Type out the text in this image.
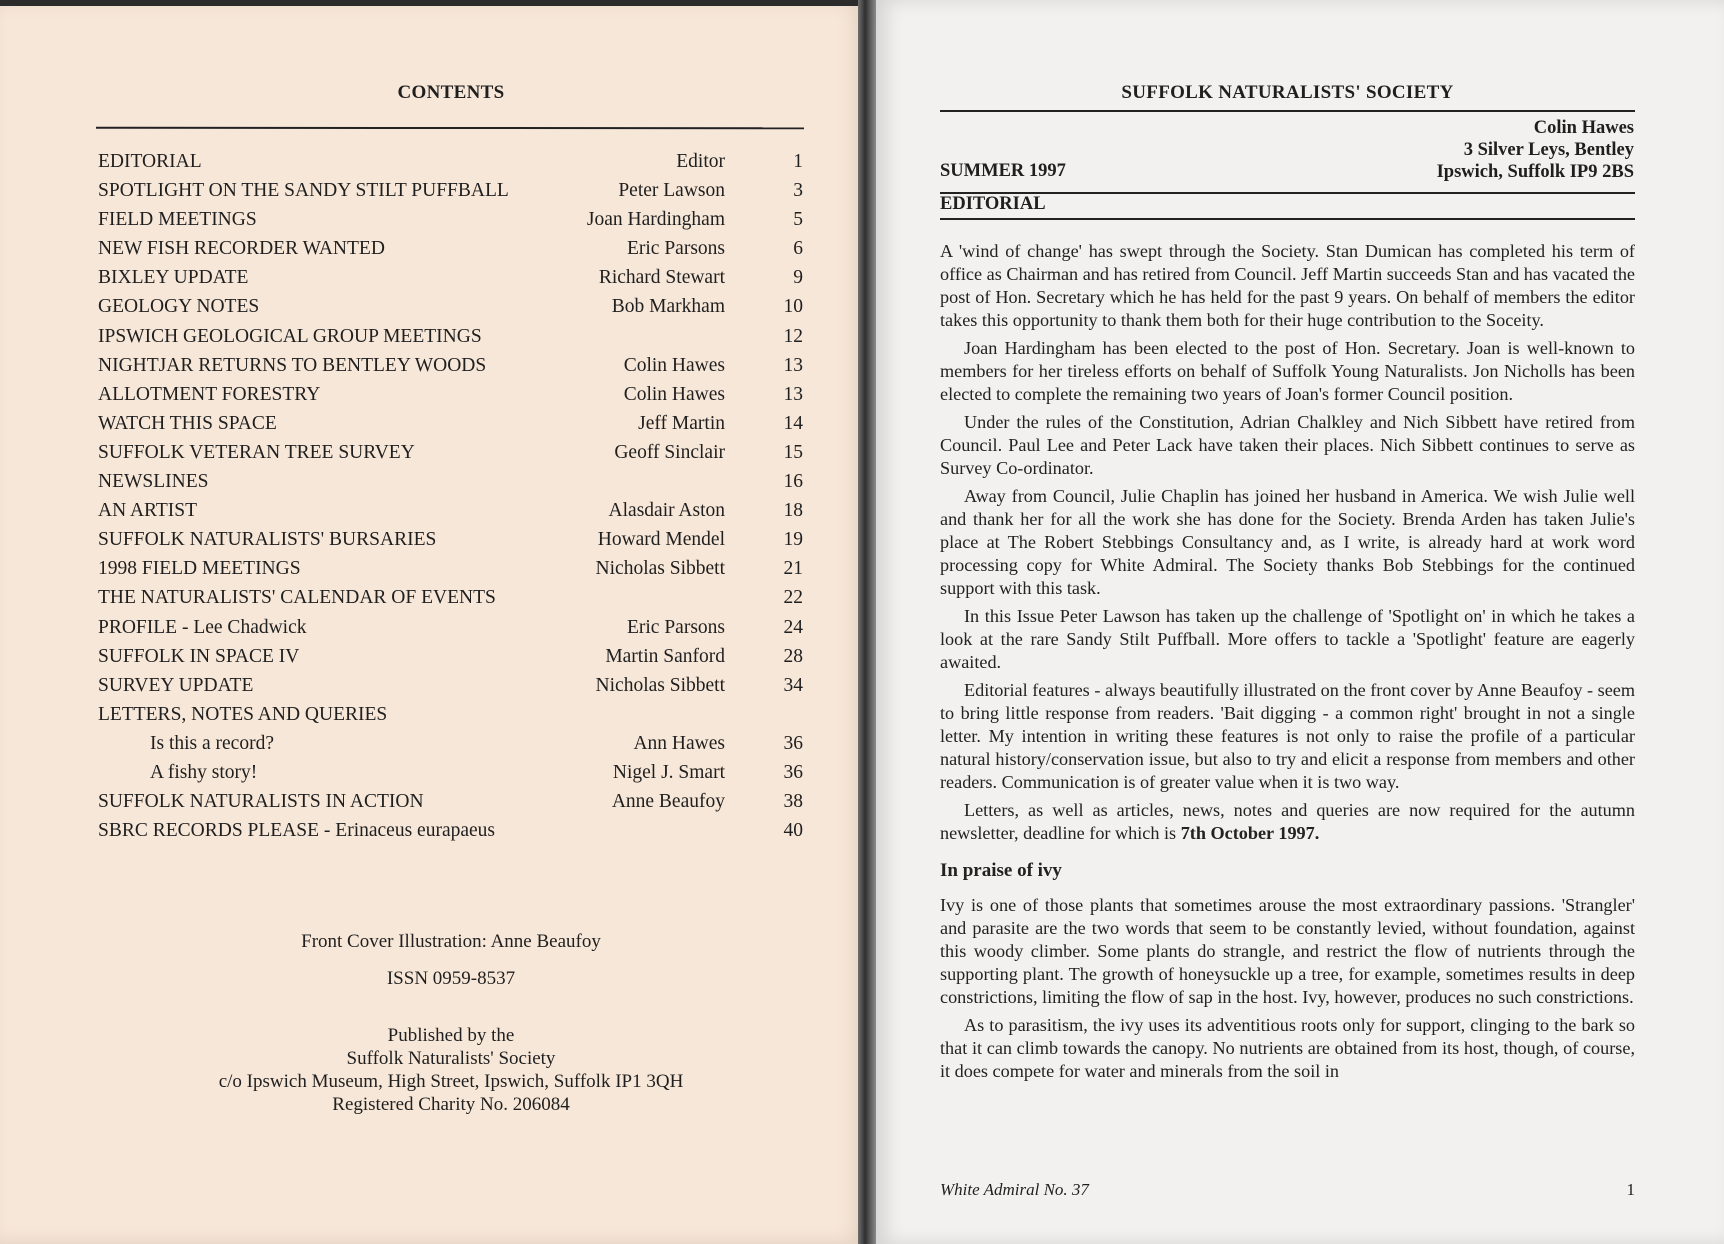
CONTENTS
EDITORIAL	Editor	1
SPOTLIGHT ON THE SANDY STILT PUFFBALL	Peter Lawson	3
FIELD MEETINGS	Joan Hardingham	5
NEW FISH RECORDER WANTED	Eric Parsons	6
BIXLEY UPDATE	Richard Stewart	9
GEOLOGY NOTES	Bob Markham	10
IPSWICH GEOLOGICAL GROUP MEETINGS	12
NIGHTJAR RETURNS TO BENTLEY WOODS	Colin Hawes	13
ALLOTMENT FORESTRY	Colin Hawes	13
WATCH THIS SPACE	Jeff Martin	14
SUFFOLK VETERAN TREE SURVEY	Geoff Sinclair	15
NEWSLINES	16
AN ARTIST	Alasdair Aston	18
SUFFOLK NATURALISTS' BURSARIES	Howard Mendel	19
1998 FIELD MEETINGS	Nicholas Sibbett	21
THE NATURALISTS' CALENDAR OF EVENTS	22
PROFILE - Lee Chadwick	Eric Parsons	24
SUFFOLK IN SPACE IV	Martin Sanford	28
SURVEY UPDATE	Nicholas Sibbett	34
LETTERS, NOTES AND QUERIES
Is this a record?	Ann Hawes	36
A fishy story!	Nigel J. Smart	36
SUFFOLK NATURALISTS IN ACTION	Anne Beaufoy	38
SBRC RECORDS PLEASE - Erinaceus eurapaeus	40

Front Cover Illustration: Anne Beaufoy

ISSN 0959-8537

Published by the

Suffolk Naturalists' Society

c/o Ipswich Museum, High Street, Ipswich, Suffolk IP1 3QH

Registered Charity No. 206084

SUFFOLK NATURALISTS' SOCIETY
Colin Hawes
3 Silver Leys, Bentley
Ipswich, Suffolk IP9 2BS
SUMMER 1997
EDITORIAL

A 'wind of change' has swept through the Society. Stan Dumican has completed his term of office as Chairman and has retired from Council. Jeff Martin succeeds Stan and has vacated the post of Hon. Secretary which he has held for the past 9 years. On behalf of members the editor takes this opportunity to thank them both for their huge contribution to the Soceity.

Joan Hardingham has been elected to the post of Hon. Secretary. Joan is well-known to members for her tireless efforts on behalf of Suffolk Young Naturalists. Jon Nicholls has been elected to complete the remaining two years of Joan's former Council position.

Under the rules of the Constitution, Adrian Chalkley and Nich Sibbett have retired from Council. Paul Lee and Peter Lack have taken their places. Nich Sibbett continues to serve as Survey Co-ordinator.

Away from Council, Julie Chaplin has joined her husband in America. We wish Julie well and thank her for all the work she has done for the Society. Brenda Arden has taken Julie's place at The Robert Stebbings Consultancy and, as I write, is already hard at work word processing copy for White Admiral. The Society thanks Bob Stebbings for the continued support with this task.

In this Issue Peter Lawson has taken up the challenge of 'Spotlight on' in which he takes a look at the rare Sandy Stilt Puffball. More offers to tackle a 'Spotlight' feature are eagerly awaited.

Editorial features - always beautifully illustrated on the front cover by Anne Beaufoy - seem to bring little response from readers. 'Bait digging - a common right' brought in not a single letter. My intention in writing these features is not only to raise the profile of a particular natural history/conservation issue, but also to try and elicit a response from members and other readers. Communication is of greater value when it is two way.

Letters, as well as articles, news, notes and queries are now required for the autumn newsletter, deadline for which is 7th October 1997.

In praise of ivy

Ivy is one of those plants that sometimes arouse the most extraordinary passions. 'Strangler' and parasite are the two words that seem to be constantly levied, without foundation, against this woody climber. Some plants do strangle, and restrict the flow of nutrients through the supporting plant. The growth of honeysuckle up a tree, for example, sometimes results in deep constrictions, limiting the flow of sap in the host. Ivy, however, produces no such constrictions.

As to parasitism, the ivy uses its adventitious roots only for support, clinging to the bark so that it can climb towards the canopy. No nutrients are obtained from its host, though, of course, it does compete for water and minerals from the soil in

White Admiral No. 37	1
